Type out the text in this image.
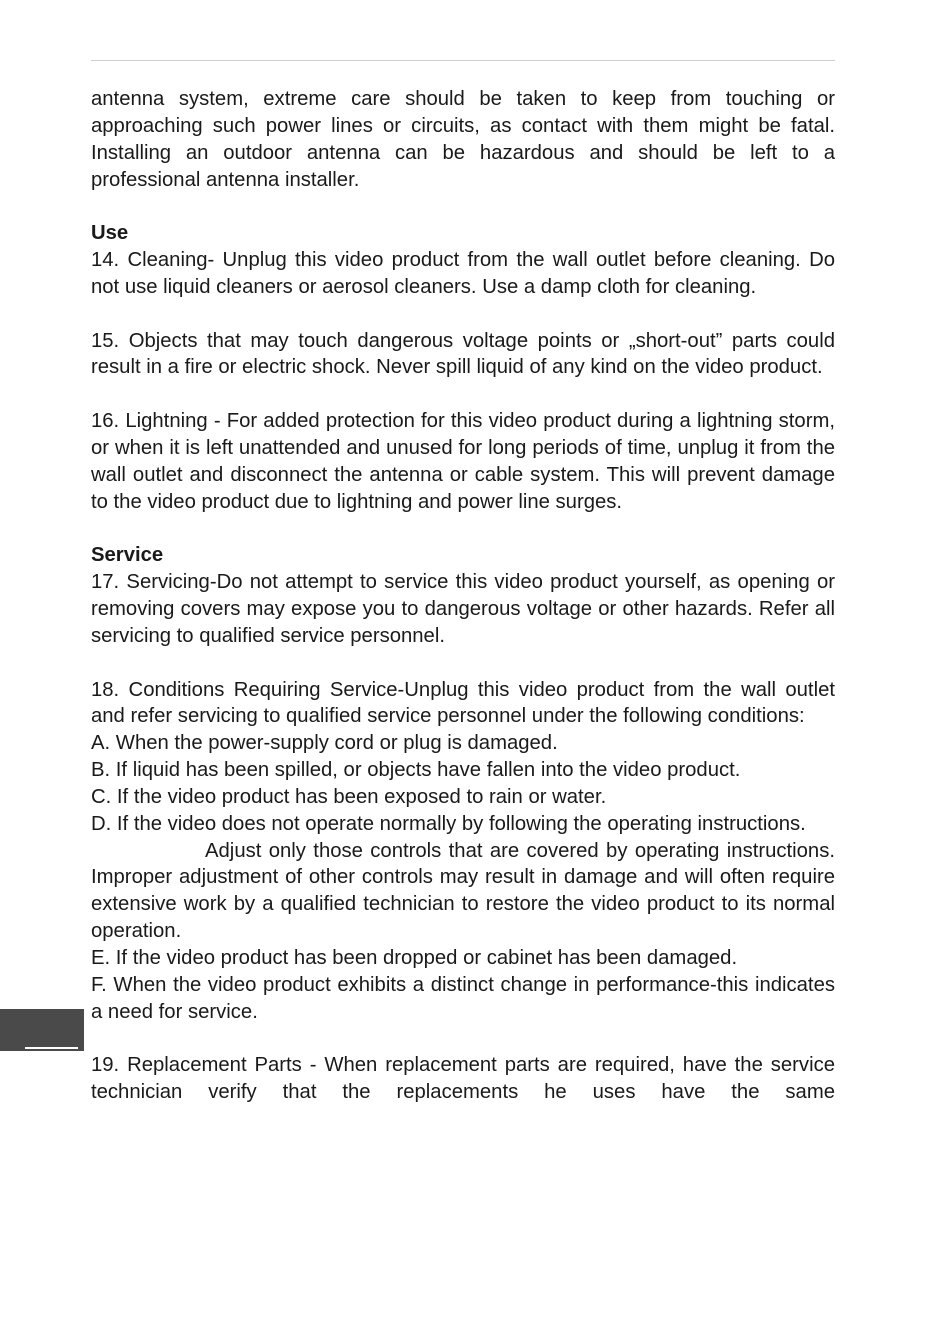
antenna system, extreme care should be taken to keep from touching or approaching such power lines or circuits, as contact with them might be fatal. Installing an outdoor antenna can be hazardous and should be left to a professional antenna installer.

Use

14. Cleaning- Unplug this video product from the wall outlet before cleaning. Do not use liquid cleaners or aerosol cleaners. Use a damp cloth for cleaning.

15. Objects that may touch dangerous voltage points or „short-out” parts could result in a fire or electric shock. Never spill liquid of any kind on the video product.

16. Lightning - For added protection for this video product during a lightning storm, or when it is left unattended and unused for long periods of time, unplug it from the wall outlet and disconnect the antenna or cable system. This will prevent damage to the video product due to lightning and power line surges.

Service

17. Servicing-Do not attempt to service this video product yourself, as opening or removing covers may expose you to dangerous voltage or other hazards. Refer all servicing to qualified service personnel.

18. Conditions Requiring Service-Unplug this video product from the wall outlet and refer servicing to qualified service personnel under the following conditions:

A. When the power-supply cord or plug is damaged.

B. If liquid has been spilled, or objects have fallen into the video product.

C. If the video product has been exposed to rain or water.

D. If the video does not operate normally by following the operating instructions.

Adjust only those controls that are covered by operating instructions. Improper adjustment of other controls may result in damage and will often require extensive work by a qualified technician to restore the video product to its normal operation.

E. If the video product has been dropped or cabinet has been damaged.

F. When the video product exhibits a distinct change in performance-this indicates a need for service.

19. Replacement Parts - When replacement parts are required, have the service technician verify that the replacements he uses have the same
